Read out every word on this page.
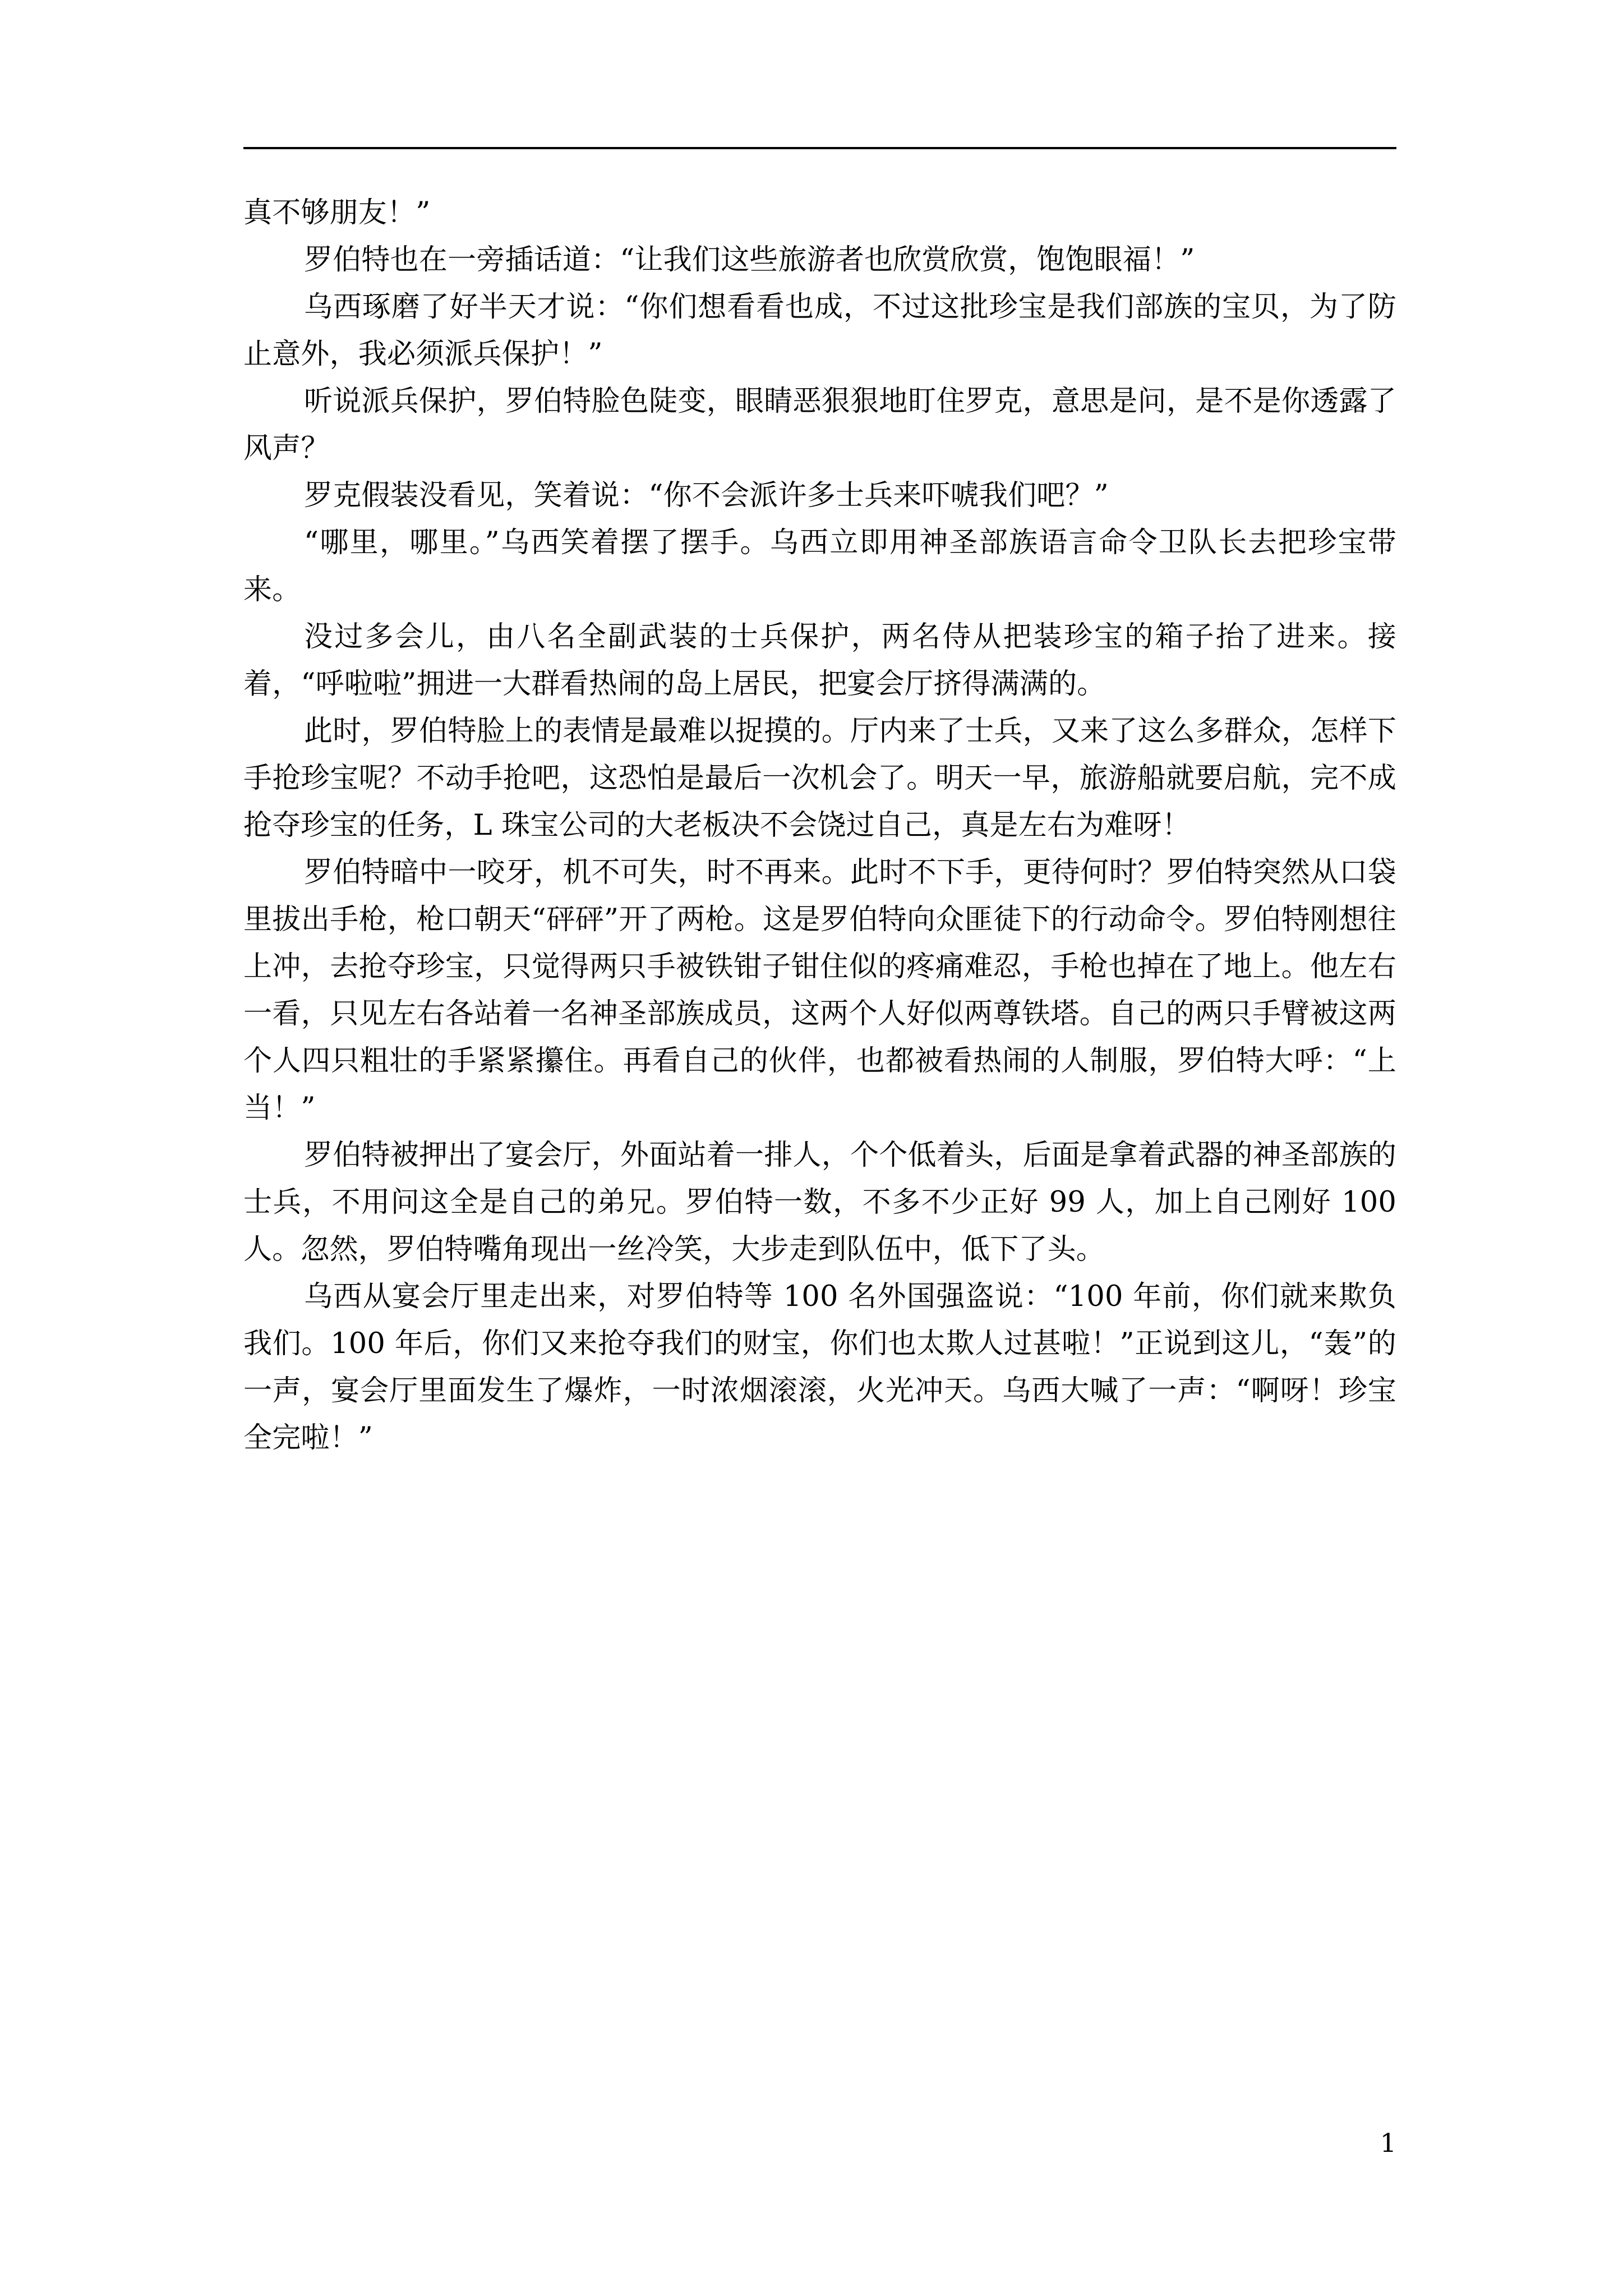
真不够朋友！”

罗伯特也在一旁插话道：“让我们这些旅游者也欣赏欣赏，饱饱眼福！”

乌西琢磨了好半天才说：“你们想看看也成，不过这批珍宝是我们部族的宝贝，为了防止意外，我必须派兵保护！”

听说派兵保护，罗伯特脸色陡变，眼睛恶狠狠地盯住罗克，意思是问，是不是你透露了风声？

罗克假装没看见，笑着说：“你不会派许多士兵来吓唬我们吧？”

“哪里，哪里。”乌西笑着摆了摆手。乌西立即用神圣部族语言命令卫队长去把珍宝带来。

没过多会儿，由八名全副武装的士兵保护，两名侍从把装珍宝的箱子抬了进来。接着，“呼啦啦”拥进一大群看热闹的岛上居民，把宴会厅挤得满满的。

此时，罗伯特脸上的表情是最难以捉摸的。厅内来了士兵，又来了这么多群众，怎样下手抢珍宝呢？不动手抢吧，这恐怕是最后一次机会了。明天一早，旅游船就要启航，完不成抢夺珍宝的任务，L 珠宝公司的大老板决不会饶过自己，真是左右为难呀！

罗伯特暗中一咬牙，机不可失，时不再来。此时不下手，更待何时？罗伯特突然从口袋里拔出手枪，枪口朝天“砰砰”开了两枪。这是罗伯特向众匪徒下的行动命令。罗伯特刚想往上冲，去抢夺珍宝，只觉得两只手被铁钳子钳住似的疼痛难忍，手枪也掉在了地上。他左右一看，只见左右各站着一名神圣部族成员，这两个人好似两尊铁塔。自己的两只手臂被这两个人四只粗壮的手紧紧攥住。再看自己的伙伴，也都被看热闹的人制服，罗伯特大呼：“上当！”

罗伯特被押出了宴会厅，外面站着一排人，个个低着头，后面是拿着武器的神圣部族的士兵，不用问这全是自己的弟兄。罗伯特一数，不多不少正好 99 人，加上自己刚好 100 人。忽然，罗伯特嘴角现出一丝冷笑，大步走到队伍中，低下了头。

乌西从宴会厅里走出来，对罗伯特等 100 名外国强盗说：“100 年前，你们就来欺负我们。100 年后，你们又来抢夺我们的财宝，你们也太欺人过甚啦！”正说到这儿，“轰”的一声，宴会厅里面发生了爆炸，一时浓烟滚滚，火光冲天。乌西大喊了一声：“啊呀！珍宝全完啦！”

1
